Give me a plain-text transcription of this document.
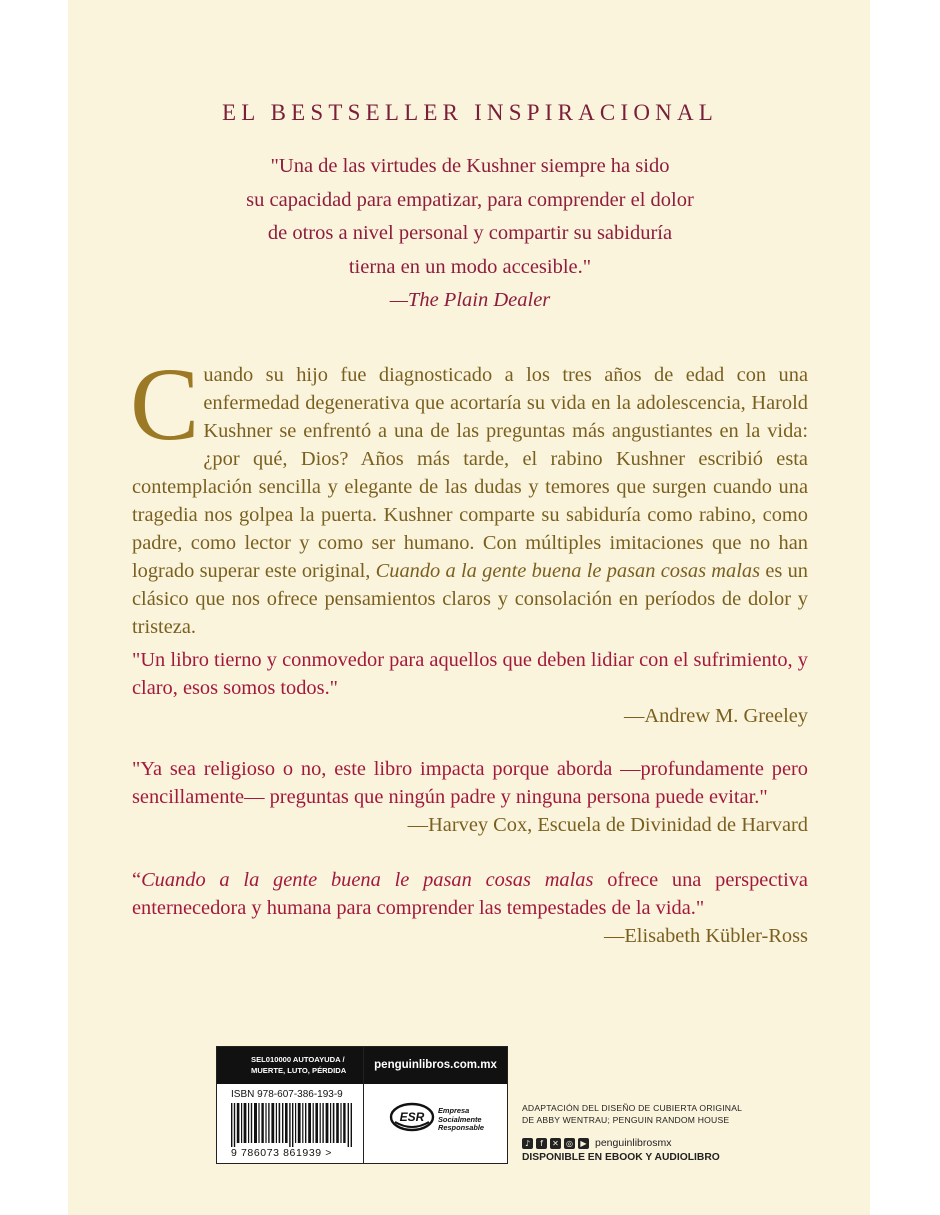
EL BESTSELLER INSPIRACIONAL
"Una de las virtudes de Kushner siempre ha sido
su capacidad para empatizar, para comprender el dolor
de otros a nivel personal y compartir su sabiduría
tierna en un modo accesible."
—The Plain Dealer
Cuando su hijo fue diagnosticado a los tres años de edad con una enfermedad degenerativa que acortaría su vida en la adolescencia, Harold Kushner se enfrentó a una de las preguntas más angustiantes en la vida: ¿por qué, Dios? Años más tarde, el rabino Kushner escribió esta contemplación sencilla y elegante de las dudas y temores que surgen cuando una tragedia nos golpea la puerta. Kushner comparte su sabiduría como rabino, como padre, como lector y como ser humano. Con múltiples imitaciones que no han logrado superar este original, Cuando a la gente buena le pasan cosas malas es un clásico que nos ofrece pensamientos claros y consolación en períodos de dolor y tristeza.
"Un libro tierno y conmovedor para aquellos que deben lidiar con el sufrimiento, y claro, esos somos todos."
—Andrew M. Greeley
"Ya sea religioso o no, este libro impacta porque aborda —profundamente pero sencillamente— preguntas que ningún padre y ninguna persona puede evitar."
—Harvey Cox, Escuela de Divinidad de Harvard
“Cuando a la gente buena le pasan cosas malas ofrece una perspectiva enternecedora y humana para comprender las tempestades de la vida."
—Elisabeth Kübler-Ross
SEL010000 AUTOAYUDA /
MUERTE, LUTO, PÉRDIDA	penguinlibros.com.mx
ISBN 978-607-386-193-9
9 786073 861939 >
ESR Empresa
Socialmente
Responsable
ADAPTACIÓN DEL DISEÑO DE CUBIERTA ORIGINAL
DE ABBY WENTRAU; PENGUIN RANDOM HOUSE
♪	f	✕ ◎ ▶ penguinlibrosmx
DISPONIBLE EN EBOOK Y AUDIOLIBRO
